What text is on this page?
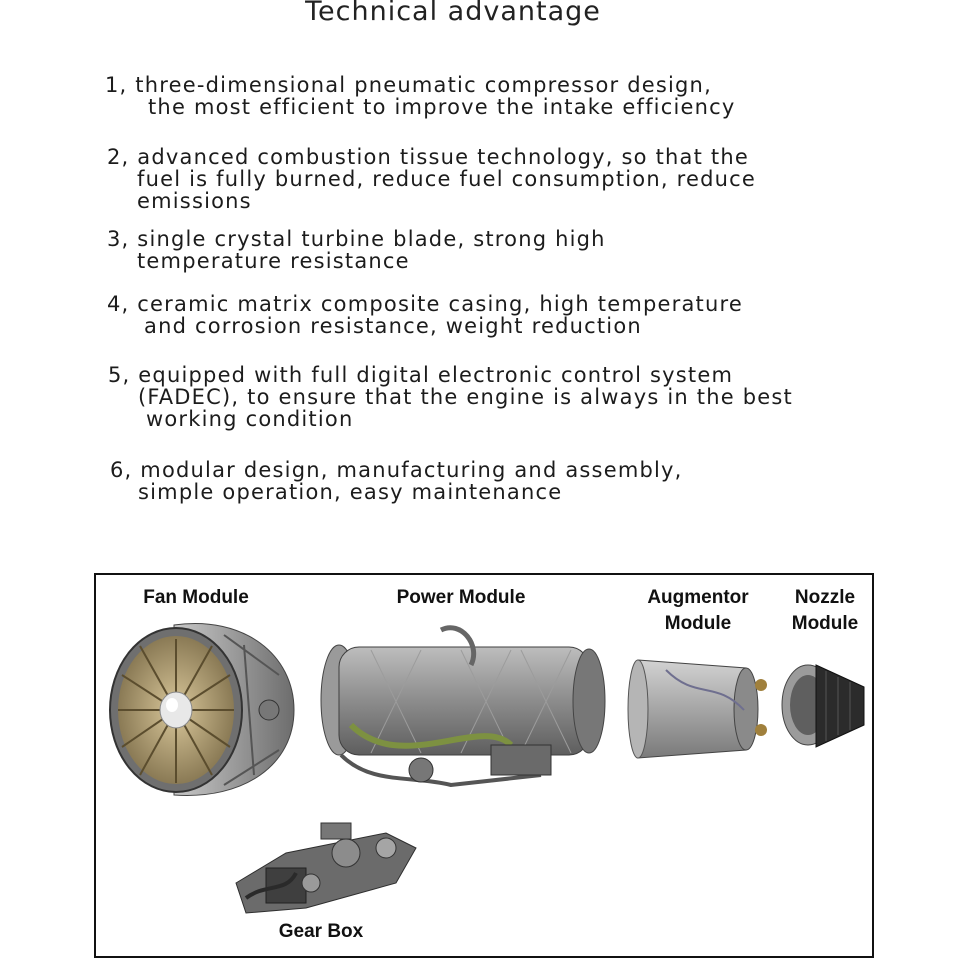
Technical advantage
1, three-dimensional pneumatic compressor design,
the most efficient to improve the intake efficiency
2, advanced combustion tissue technology, so that the
fuel is fully burned, reduce fuel consumption, reduce
emissions
3, single crystal turbine blade, strong high
temperature resistance
4, ceramic matrix composite casing, high temperature
and corrosion resistance, weight reduction
5, equipped with full digital electronic control system
(FADEC), to ensure that the engine is always in the best
working condition
6, modular design, manufacturing and assembly,
simple operation, easy maintenance
Fan Module	Power Module	Augmentor
Module
Nozzle
Module
Gear Box
